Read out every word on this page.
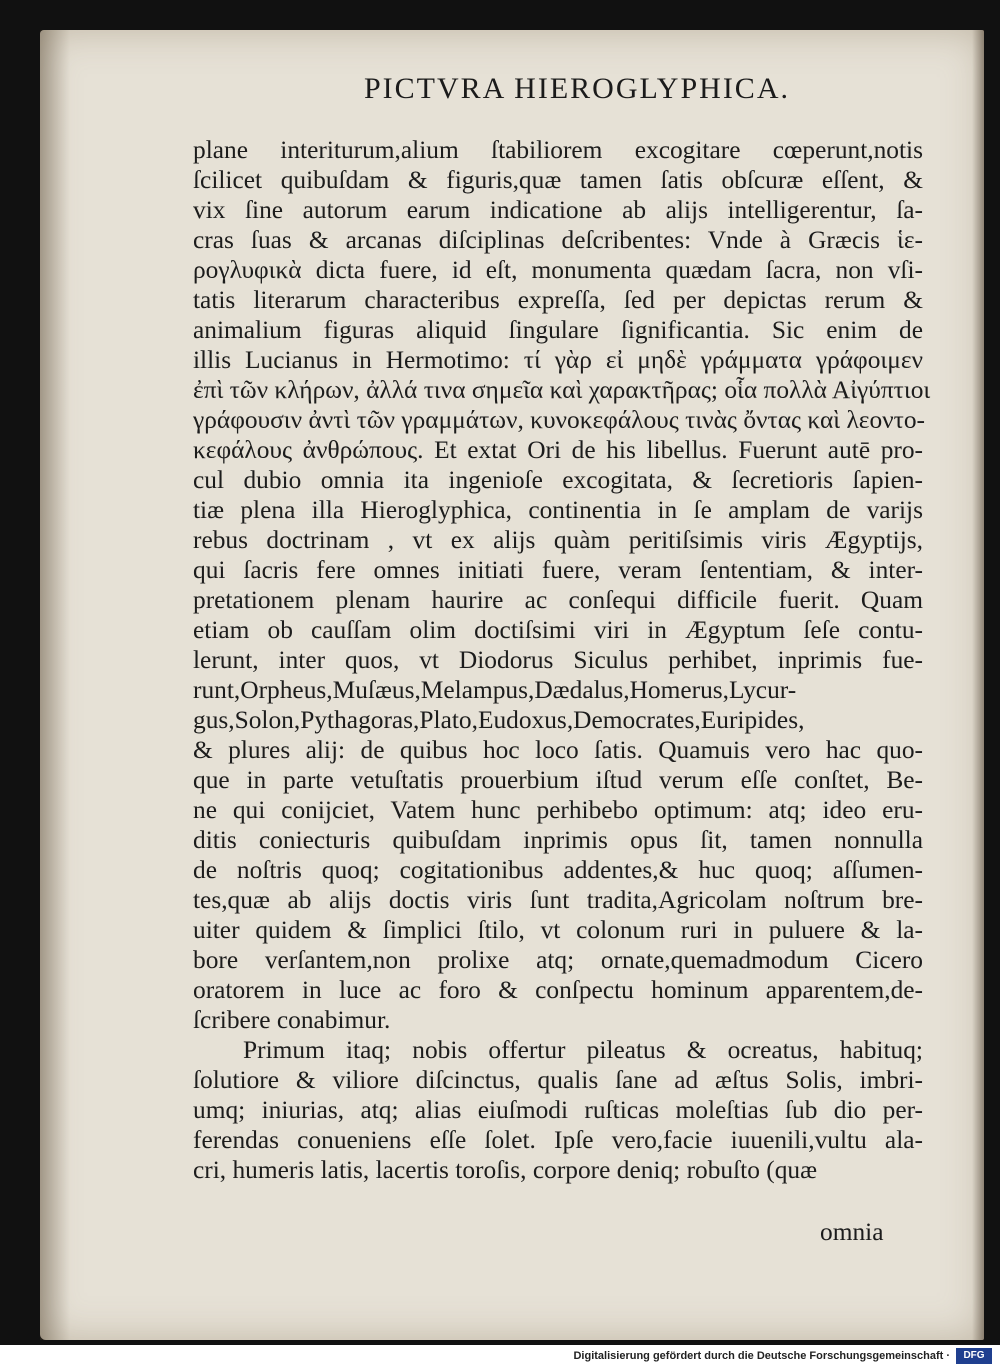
PICTVRA HIEROGLYPHICA.
plane interiturum,alium ſtabiliorem excogitare cœperunt,notis
ſcilicet quibuſdam & figuris,quæ tamen ſatis obſcuræ eſſent, &
vix ſine autorum earum indicatione ab aliјs intelligerentur, ſa-
cras ſuas & arcanas diſciplinas deſcribentes: Vnde à Græcis ἱε-
ρογλυφικὰ dicta fuere, id eſt, monumenta quædam ſacra, non vſi-
tatis literarum characteribus expreſſa, ſed per depictas rerum &
animalium figuras aliquid ſingulare ſignificantia. Sic enim de
illis Lucianus in Hermotimo: τί γὰρ εἰ μηδὲ γράμματα γράφοιμεν
ἐπὶ τῶν κλήρων, ἀλλά τινα σημεῖα καὶ χαρακτῆρας; οἷα πολλὰ Αἰγύπτιοι
γράφουσιν ἀντὶ τῶν γραμμάτων, κυνοκεφάλους τινὰς ὄντας καὶ λεοντο-
κεφάλους ἀνθρώπους. Et extat Ori de his libellus. Fuerunt autē pro-
cul dubio omnia ita ingenioſe excogitata, & ſecretioris ſapien-
tiæ plena illa Hieroglyphica, continentia in ſe amplam de variјs
rebus doctrinam , vt ex aliјs quàm peritiſsimis viris Ægyptiјs,
qui ſacris fere omnes initiati fuere, veram ſententiam, & inter-
pretationem plenam haurire ac conſequi difficile fuerit. Quam
etiam ob cauſſam olim doctiſsimi viri in Ægyptum ſeſe contu-
lerunt, inter quos, vt Diodorus Siculus perhibet, inprimis fue-
runt,Orpheus,Muſæus,Melampus,Dædalus,Homerus,Lycur-
gus,Solon,Pythagoras,Plato,Eudoxus,Democrates,Euripides,
& plures aliј: de quibus hoc loco ſatis. Quamuis vero hac quo-
que in parte vetuſtatis prouerbium iſtud verum eſſe conſtet, Be-
ne qui conijciet, Vatem hunc perhibebo optimum: atq; ideo eru-
ditis coniecturis quibuſdam inprimis opus ſit, tamen nonnulla
de noſtris quoq; cogitationibus addentes,& huc quoq; aſſumen-
tes,quæ ab aliјs doctis viris ſunt tradita,Agricolam noſtrum bre-
uiter quidem & ſimplici ſtilo, vt colonum ruri in puluere & la-
bore verſantem,non prolixe atq; ornate,quemadmodum Cicero
oratorem in luce ac foro & conſpectu hominum apparentem,de-
ſcribere conabimur.
Primum itaq; nobis offertur pileatus & ocreatus, habituq;
ſolutiore & viliore diſcinctus, qualis ſane ad æſtus Solis, imbri-
umq; iniurias, atq; alias eiuſmodi ruſticas moleſtias ſub dio per-
ferendas conueniens eſſe ſolet. Ipſe vero,facie iuuenili,vultu ala-
cri, humeris latis, lacertis toroſis, corpore deniq; robuſto (quæ
omnia
Digitalisierung gefördert durch die Deutsche Forschungsgemeinschaft ·	DFG
